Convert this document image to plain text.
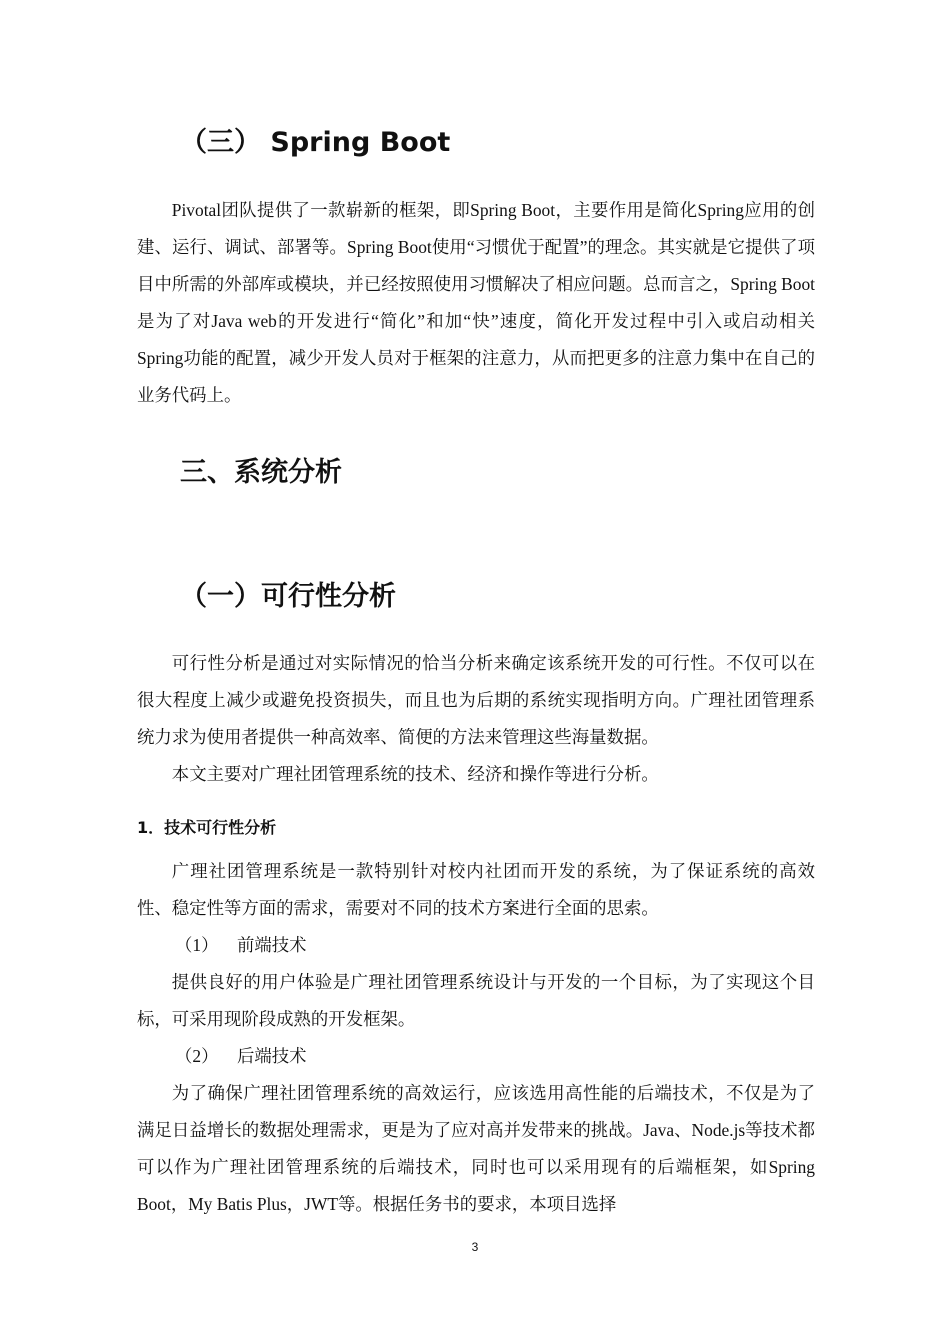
（三） Spring Boot

Pivotal团队提供了一款崭新的框架，即Spring Boot，主要作用是简化Spring应用的创建、运行、调试、部署等。Spring Boot使用“习惯优于配置”的理念。其实就是它提供了项目中所需的外部库或模块，并已经按照使用习惯解决了相应问题。总而言之，Spring Boot是为了对Java web的开发进行“简化”和加“快”速度，简化开发过程中引入或启动相关Spring功能的配置，减少开发人员对于框架的注意力，从而把更多的注意力集中在自己的业务代码上。

三、系统分析
（一）可行性分析

可行性分析是通过对实际情况的恰当分析来确定该系统开发的可行性。不仅可以在很大程度上减少或避免投资损失，而且也为后期的系统实现指明方向。广理社团管理系统力求为使用者提供一种高效率、简便的方法来管理这些海量数据。

本文主要对广理社团管理系统的技术、经济和操作等进行分析。

1．技术可行性分析

广理社团管理系统是一款特别针对校内社团而开发的系统，为了保证系统的高效性、稳定性等方面的需求，需要对不同的技术方案进行全面的思索。

（1） 前端技术

提供良好的用户体验是广理社团管理系统设计与开发的一个目标，为了实现这个目标，可采用现阶段成熟的开发框架。

（2） 后端技术

为了确保广理社团管理系统的高效运行，应该选用高性能的后端技术，不仅是为了满足日益增长的数据处理需求，更是为了应对高并发带来的挑战。Java、Node.js等技术都可以作为广理社团管理系统的后端技术，同时也可以采用现有的后端框架，如Spring Boot，My Batis Plus，JWT等。根据任务书的要求，本项目选择

3
